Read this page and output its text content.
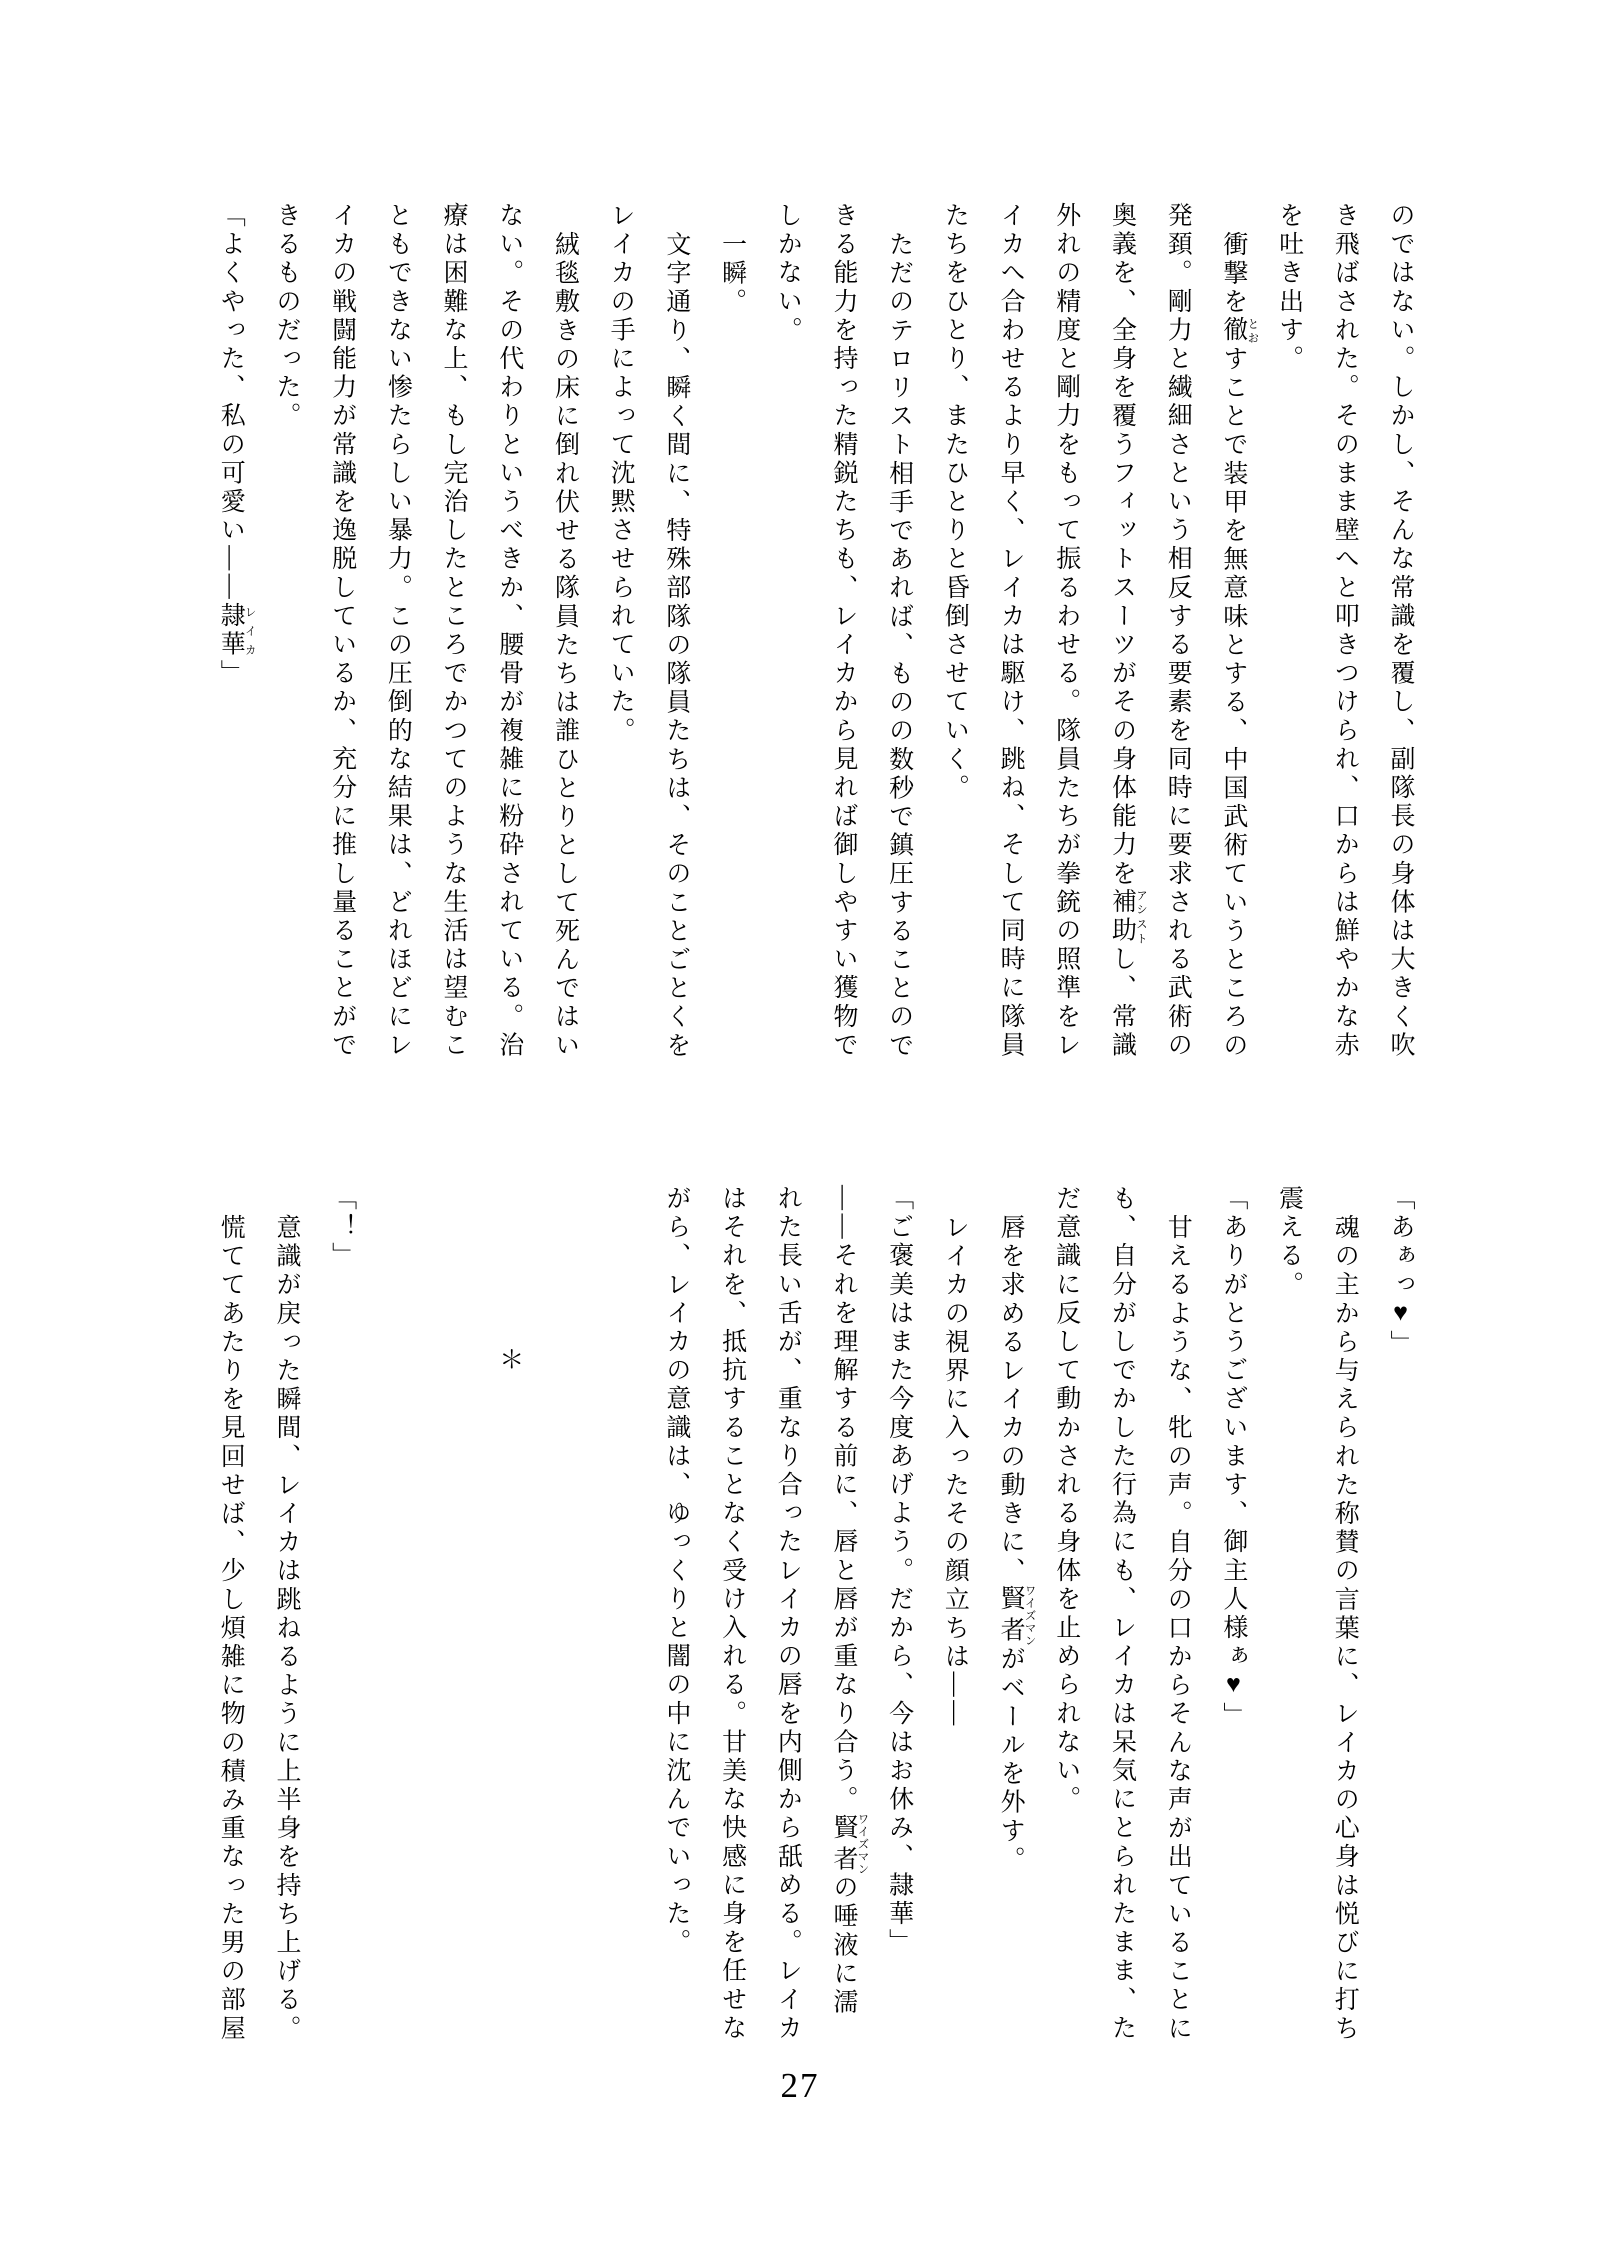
のではない。しかし、そんな常識を覆し、副隊長の身体は大きく吹

き飛ばされた。そのまま壁へと叩きつけられ、口からは鮮やかな赤

を吐き出す。

衝撃を徹 とおすことで装甲を無意味とする、中国武術ていうところの

発頚。剛力と繊細さという相反する要素を同時に要求される武術の

奥義を、全身を覆うフィットスーツがその身体能力を補助 アシストし、常識

外れの精度と剛力をもって振るわせる。隊員たちが拳銃の照準をレ

イカへ合わせるより早く、レイカは駆け、跳ね、そして同時に隊員

たちをひとり、またひとりと昏倒させていく。

ただのテロリスト相手であれば、ものの数秒で鎮圧することので

きる能力を持った精鋭たちも、レイカから見れば御しやすい獲物で

しかない。

一瞬。

文字通り、瞬く間に、特殊部隊の隊員たちは、そのことごとくを

レイカの手によって沈黙させられていた。

絨毯敷きの床に倒れ伏せる隊員たちは誰ひとりとして死んではい

ない。その代わりというべきか、腰骨が複雑に粉砕されている。治

療は困難な上、もし完治したところでかつてのような生活は望むこ

ともできない惨たらしい暴力。この圧倒的な結果は、どれほどにレ

イカの戦闘能力が常識を逸脱しているか、充分に推し量ることがで

きるものだった。

「よくやった、私の可愛い――隷華 レイカ」

「あぁっ♥」

魂の主から与えられた称賛の言葉に、レイカの心身は悦びに打ち

震える。

「ありがとうございます、御主人様ぁ♥」

甘えるような、牝の声。自分の口からそんな声が出ていることに

も、自分がしでかした行為にも、レイカは呆気にとられたまま、た

だ意識に反して動かされる身体を止められない。

唇を求めるレイカの動きに、賢者 ワイズマンがベールを外す。

レイカの視界に入ったその顔立ちは――

「ご褒美はまた今度あげよう。だから、今はお休み、隷華」

――それを理解する前に、唇と唇が重なり合う。賢者 ワイズマンの唾液に濡

れた長い舌が、重なり合ったレイカの唇を内側から舐める。レイカ

はそれを、抵抗することなく受け入れる。甘美な快感に身を任せな

がら、レイカの意識は、ゆっくりと闇の中に沈んでいった。

＊

「！」

意識が戻った瞬間、レイカは跳ねるように上半身を持ち上げる。

慌ててあたりを見回せば、少し煩雑に物の積み重なった男の部屋

27
